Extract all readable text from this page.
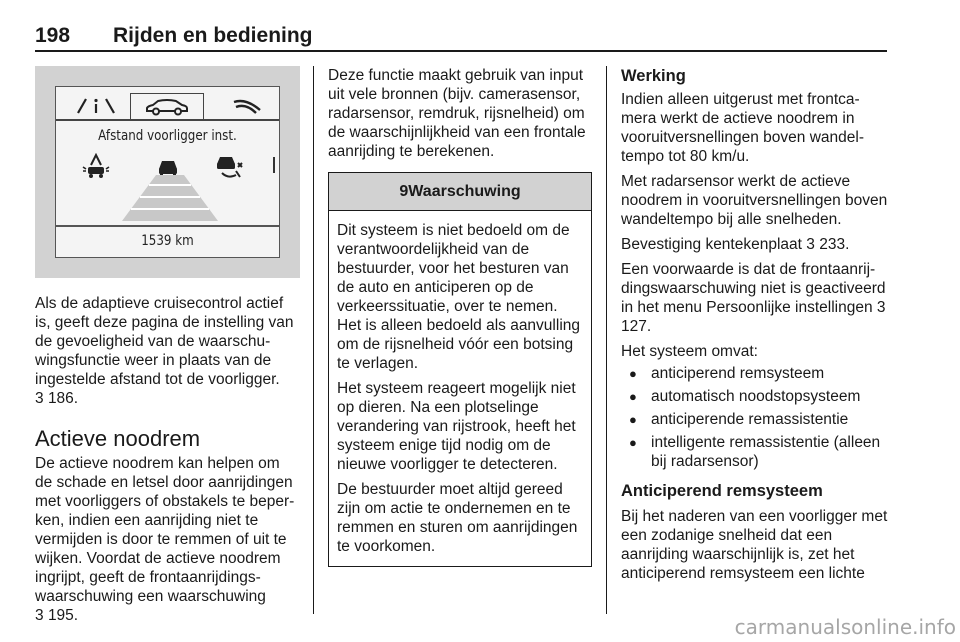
198 Rijden en bediening
Afstand voorligger inst.
1539 km

Als de adaptieve cruisecontrol actief is, geeft deze pagina de instelling van de gevoeligheid van de waarschuwingsfunctie weer in plaats van de ingestelde afstand tot de voorligger.
3 186.

Actieve noodrem

De actieve noodrem kan helpen om de schade en letsel door aanrijdingen met voorliggers of obstakels te beperken, indien een aanrijding niet te vermijden is door te remmen of uit te wijken. Voordat de actieve noodrem ingrijpt, geeft de frontaanrijdingswaarschuwing een waarschuwing
3 195.

Deze functie maakt gebruik van input uit vele bronnen (bijv. camerasensor, radarsensor, remdruk, rijsnelheid) om de waarschijnlijkheid van een frontale aanrijding te berekenen.

9 Waarschuwing

Dit systeem is niet bedoeld om de verantwoordelijkheid van de bestuurder, voor het besturen van de auto en anticiperen op de verkeerssituatie, over te nemen. Het is alleen bedoeld als aanvulling om de rijsnelheid vóór een botsing te verlagen.

Het systeem reageert mogelijk niet op dieren. Na een plotselinge verandering van rijstrook, heeft het systeem enige tijd nodig om de nieuwe voorligger te detecteren.

De bestuurder moet altijd gereed zijn om actie te ondernemen en te remmen en sturen om aanrijdingen te voorkomen.

Werking

Indien alleen uitgerust met frontcamera werkt de actieve noodrem in vooruitversnellingen boven wandeltempo tot 80 km/u.

Met radarsensor werkt de actieve noodrem in vooruitversnellingen boven wandeltempo bij alle snelheden.

Bevestiging kentekenplaat 3 233.

Een voorwaarde is dat de frontaanrijdingswaarschuwing niet is geactiveerd in het menu Persoonlijke instellingen 3 127.

Het systeem omvat:

● anticiperend remsysteem
● automatisch noodstopsysteem
● anticiperende remassistentie
● intelligente remassistentie (alleen bij radarsensor)
Anticiperend remsysteem

Bij het naderen van een voorligger met een zodanige snelheid dat een aanrijding waarschijnlijk is, zet het anticiperend remsysteem een lichte

carmanualsonline.info
